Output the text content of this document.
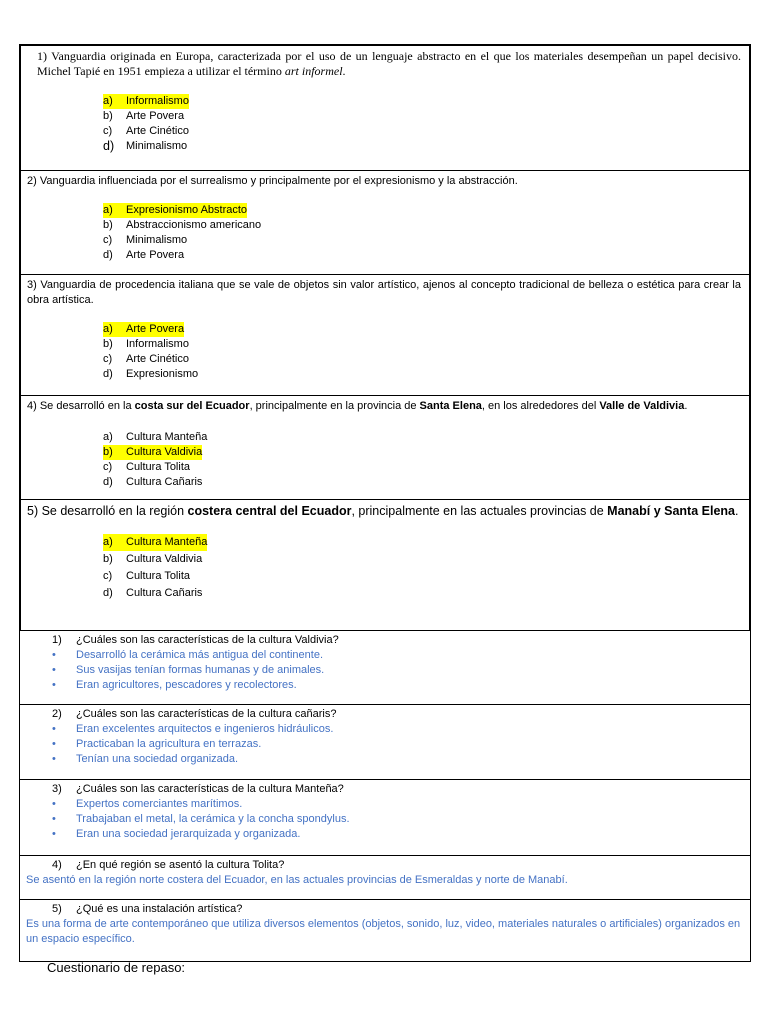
1) Vanguardia originada en Europa, caracterizada por el uso de un lenguaje abstracto en el que los materiales desempeñan un papel decisivo. Michel Tapié en 1951 empieza a utilizar el término art informel.

a)	Informalismo
b)	Arte Povera
c)	Arte Cinético
d)	Minimalismo

2) Vanguardia influenciada por el surrealismo y principalmente por el expresionismo y la abstracción.

a)	Expresionismo Abstracto
b)	Abstraccionismo americano
c)	Minimalismo
d)	Arte Povera

3) Vanguardia de procedencia italiana que se vale de objetos sin valor artístico, ajenos al concepto tradicional de belleza o estética para crear la obra artística.

a)	Arte Povera
b)	Informalismo
c)	Arte Cinético
d)	Expresionismo

4) Se desarrolló en la costa sur del Ecuador, principalmente en la provincia de Santa Elena, en los alrededores del Valle de Valdivia.

a)	Cultura Manteña
b)	Cultura Valdivia
c)	Cultura Tolita
d)	Cultura Cañaris

5) Se desarrolló en la región costera central del Ecuador, principalmente en las actuales provincias de Manabí y Santa Elena.

a)	Cultura Manteña
b)	Cultura Valdivia
c)	Cultura Tolita
d)	Cultura Cañaris
1)	¿Cuáles son las características de la cultura Valdivia?
•	Desarrolló la cerámica más antigua del continente.
•	Sus vasijas tenían formas humanas y de animales.
•	Eran agricultores, pescadores y recolectores.
2)	¿Cuáles son las características de la cultura cañaris?
•	Eran excelentes arquitectos e ingenieros hidráulicos.
•	Practicaban la agricultura en terrazas.
•	Tenían una sociedad organizada.
3)	¿Cuáles son las características de la cultura Manteña?
•	Expertos comerciantes marítimos.
•	Trabajaban el metal, la cerámica y la concha spondylus.
•	Eran una sociedad jerarquizada y organizada.
4)	¿En qué región se asentó la cultura Tolita?
Se asentó en la región norte costera del Ecuador, en las actuales provincias de Esmeraldas y norte de Manabí.
5)	¿Qué es una instalación artística?
Es una forma de arte contemporáneo que utiliza diversos elementos (objetos, sonido, luz, video, materiales naturales o artificiales) organizados en un espacio específico.
Cuestionario de repaso:
